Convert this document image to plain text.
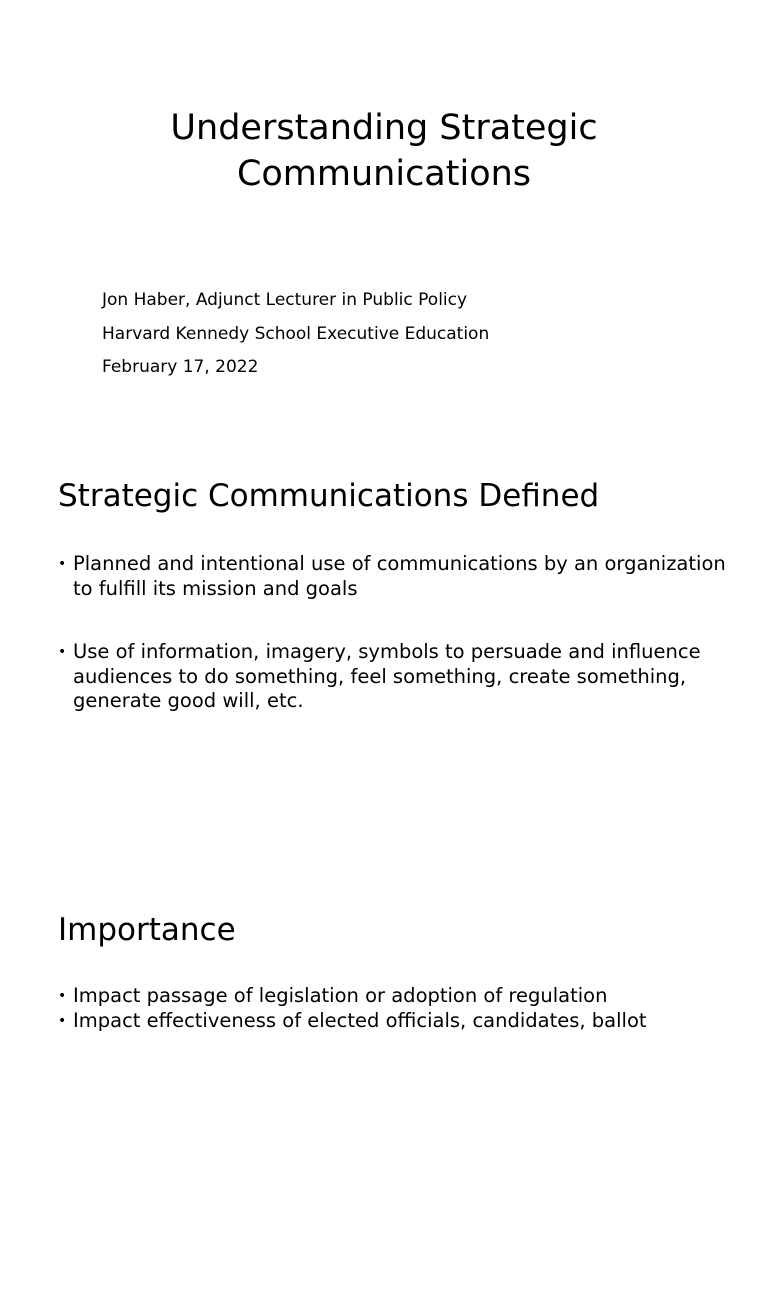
Understanding Strategic
Communications
Jon Haber, Adjunct Lecturer in Public Policy
Harvard Kennedy School Executive Education
February 17, 2022
Strategic Communications Defined
• Planned and intentional use of communications by an organization to fulfill its mission and goals
• Use of information, imagery, symbols to persuade and influence audiences to do something, feel something, create something, generate good will, etc.
Importance
• Impact passage of legislation or adoption of regulation
• Impact effectiveness of elected officials, candidates, ballot
